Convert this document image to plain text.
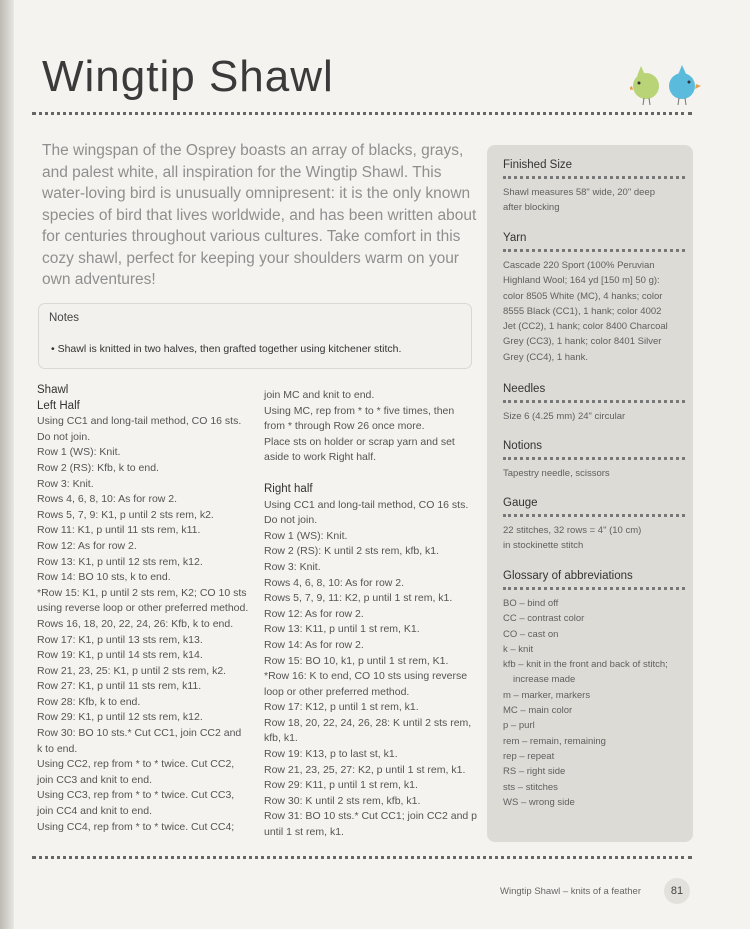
Wingtip Shawl
The wingspan of the Osprey boasts an array of blacks, grays, and palest white, all inspiration for the Wingtip Shawl. This water-loving bird is unusually omnipresent: it is the only known species of bird that lives worldwide, and has been written about for centuries throughout various cultures. Take comfort in this cozy shawl, perfect for keeping your shoulders warm on your own adventures!
Notes
• Shawl is knitted in two halves, then grafted together using kitchener stitch.
Shawl
Left Half
Using CC1 and long-tail method, CO 16 sts.
Do not join.
Row 1 (WS): Knit.
Row 2 (RS): Kfb, k to end.
Row 3: Knit.
Rows 4, 6, 8, 10: As for row 2.
Rows 5, 7, 9: K1, p until 2 sts rem, k2.
Row 11: K1, p until 11 sts rem, k11.
Row 12: As for row 2.
Row 13: K1, p until 12 sts rem, k12.
Row 14: BO 10 sts, k to end.
*Row 15: K1, p until 2 sts rem, K2; CO 10 sts
using reverse loop or other preferred method.
Rows 16, 18, 20, 22, 24, 26: Kfb, k to end.
Row 17: K1, p until 13 sts rem, k13.
Row 19: K1, p until 14 sts rem, k14.
Row 21, 23, 25: K1, p until 2 sts rem, k2.
Row 27: K1, p until 11 sts rem, k11.
Row 28: Kfb, k to end.
Row 29: K1, p until 12 sts rem, k12.
Row 30: BO 10 sts.* Cut CC1, join CC2 and
k to end.
Using CC2, rep from * to * twice. Cut CC2,
join CC3 and knit to end.
Using CC3, rep from * to * twice. Cut CC3,
join CC4 and knit to end.
Using CC4, rep from * to * twice. Cut CC4;
join MC and knit to end.
Using MC, rep from * to * five times, then
from * through Row 26 once more.
Place sts on holder or scrap yarn and set
aside to work Right half.
Right half
Using CC1 and long-tail method, CO 16 sts.
Do not join.
Row 1 (WS): Knit.
Row 2 (RS): K until 2 sts rem, kfb, k1.
Row 3: Knit.
Rows 4, 6, 8, 10: As for row 2.
Rows 5, 7, 9, 11: K2, p until 1 st rem, k1.
Row 12: As for row 2.
Row 13: K11, p until 1 st rem, K1.
Row 14: As for row 2.
Row 15: BO 10, k1, p until 1 st rem, K1.
*Row 16: K to end, CO 10 sts using reverse
loop or other preferred method.
Row 17: K12, p until 1 st rem, k1.
Row 18, 20, 22, 24, 26, 28: K until 2 sts rem,
kfb, k1.
Row 19: K13, p to last st, k1.
Row 21, 23, 25, 27: K2, p until 1 st rem, k1.
Row 29: K11, p until 1 st rem, k1.
Row 30: K until 2 sts rem, kfb, k1.
Row 31: BO 10 sts.* Cut CC1; join CC2 and p
until 1 st rem, k1.
Finished Size
Shawl measures 58" wide, 20" deep
after blocking
Yarn
Cascade 220 Sport (100% Peruvian
Highland Wool; 164 yd [150 m] 50 g):
color 8505 White (MC), 4 hanks; color
8555 Black (CC1), 1 hank; color 4002
Jet (CC2), 1 hank; color 8400 Charcoal
Grey (CC3), 1 hank; color 8401 Silver
Grey (CC4), 1 hank.
Needles
Size 6 (4.25 mm) 24" circular
Notions
Tapestry needle, scissors
Gauge
22 stitches, 32 rows = 4" (10 cm)
in stockinette stitch
Glossary of abbreviations
BO – bind off
CC – contrast color
CO – cast on
k – knit
kfb – knit in the front and back of stitch;
increase made
m – marker, markers
MC – main color
p – purl
rem – remain, remaining
rep – repeat
RS – right side
sts – stitches
WS – wrong side
Wingtip Shawl – knits of a feather	81
